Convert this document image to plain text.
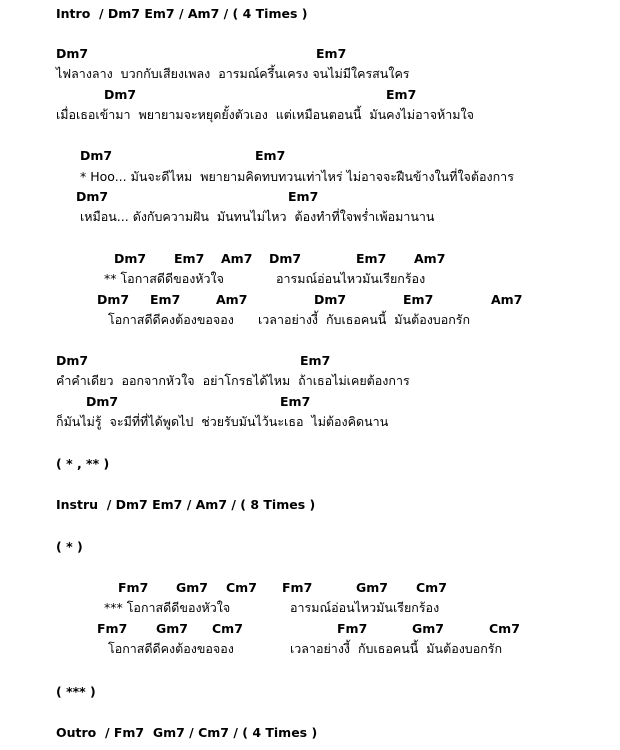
Intro  / Dm7 Em7 / Am7 / ( 4 Times )
Dm7	Em7
ไฟลางลาง  บวกกับเสียงเพลง  อารมณ์ครึ้นเครง จนไม่มีใครสนใคร
Dm7	Em7
เมื่อเธอเข้ามา  พยายามจะหยุดยั้งตัวเอง  แต่เหมือนตอนนี้  มันคงไม่อาจห้ามใจ
Dm7	Em7
* Hoo... มันจะดีไหม  พยายามคิดทบทวนเท่าไหร่ ไม่อาจจะฝืนข้างในที่ใจต้องการ
Dm7	Em7
เหมือน... ดังกับความฝัน  มันทนไม่ไหว  ต้องทำที่ใจพร่ำเพ้อมานาน
Dm7 Em7 Am7 Dm7	Em7 Am7
** โอกาสดีดีของหัวใจ	อารมณ์อ่อนไหวมันเรียกร้อง
Dm7 Em7	Am7	Dm7	Em7	Am7
โอกาสดีดีคงต้องขอจอง เวลาอย่างงี้  กับเธอคนนี้  มันต้องบอกรัก
Dm7	Em7
คำคำเดียว  ออกจากหัวใจ  อย่าโกรธได้ไหม  ถ้าเธอไม่เคยต้องการ
Dm7	Em7
ก็มันไม่รู้  จะมีที่ที่ได้พูดไป  ช่วยรับมันไว้นะเธอ  ไม่ต้องคิดนาน
( * , ** )
Instru  / Dm7 Em7 / Am7 / ( 8 Times )
( * )
Fm7 Gm7 Cm7 Fm7	Gm7 Cm7
*** โอกาสดีดีของหัวใจ	อารมณ์อ่อนไหวมันเรียกร้อง
Fm7 Gm7 Cm7	Fm7	Gm7	Cm7
โอกาสดีดีคงต้องขอจอง	เวลาอย่างงี้  กับเธอคนนี้  มันต้องบอกรัก
( *** )
Outro  / Fm7  Gm7 / Cm7 / ( 4 Times )
